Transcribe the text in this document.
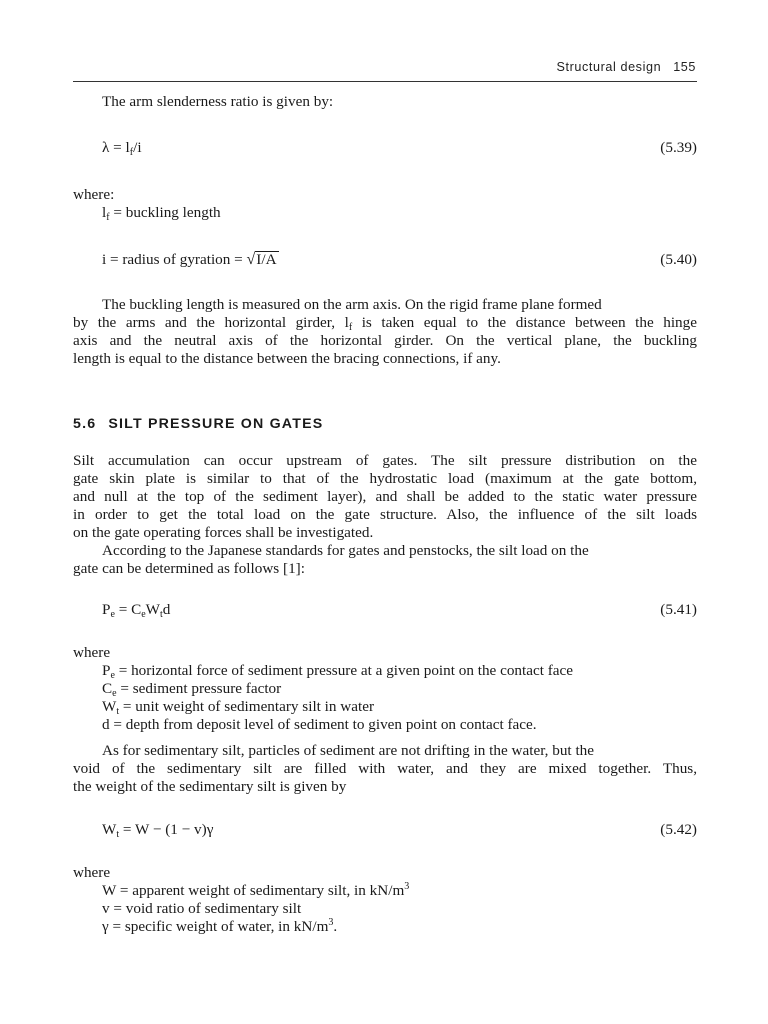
Structural design 155
The arm slenderness ratio is given by:
$\lambda = l_f/i$	(5.39)
where:
$l_f$ = buckling length
i = radius of gyration = √I/A	(5.40)
The buckling length is measured on the arm axis. On the rigid frame plane formed
by the arms and the horizontal girder, $l_f$ is taken equal to the distance between the hinge
axis and the neutral axis of the horizontal girder. On the vertical plane, the buckling
length is equal to the distance between the bracing connections, if any.
5.6 SILT PRESSURE ON GATES
Silt accumulation can occur upstream of gates. The silt pressure distribution on the
gate skin plate is similar to that of the hydrostatic load (maximum at the gate bottom,
and null at the top of the sediment layer), and shall be added to the static water pressure
in order to get the total load on the gate structure. Also, the influence of the silt loads
on the gate operating forces shall be investigated.
According to the Japanese standards for gates and penstocks, the silt load on the
gate can be determined as follows [1]:
$P_e = C_eW_td$	(5.41)
where
$P_e$ = horizontal force of sediment pressure at a given point on the contact face
$C_e$ = sediment pressure factor
$W_t$ = unit weight of sedimentary silt in water
d = depth from deposit level of sediment to given point on contact face.
As for sedimentary silt, particles of sediment are not drifting in the water, but the
void of the sedimentary silt are filled with water, and they are mixed together. Thus,
the weight of the sedimentary silt is given by
$W_t = W - (1 - v)\gamma$	(5.42)
where
W = apparent weight of sedimentary silt, in $kN/m^3$
v = void ratio of sedimentary silt
γ = specific weight of water, in $kN/m^3$.
